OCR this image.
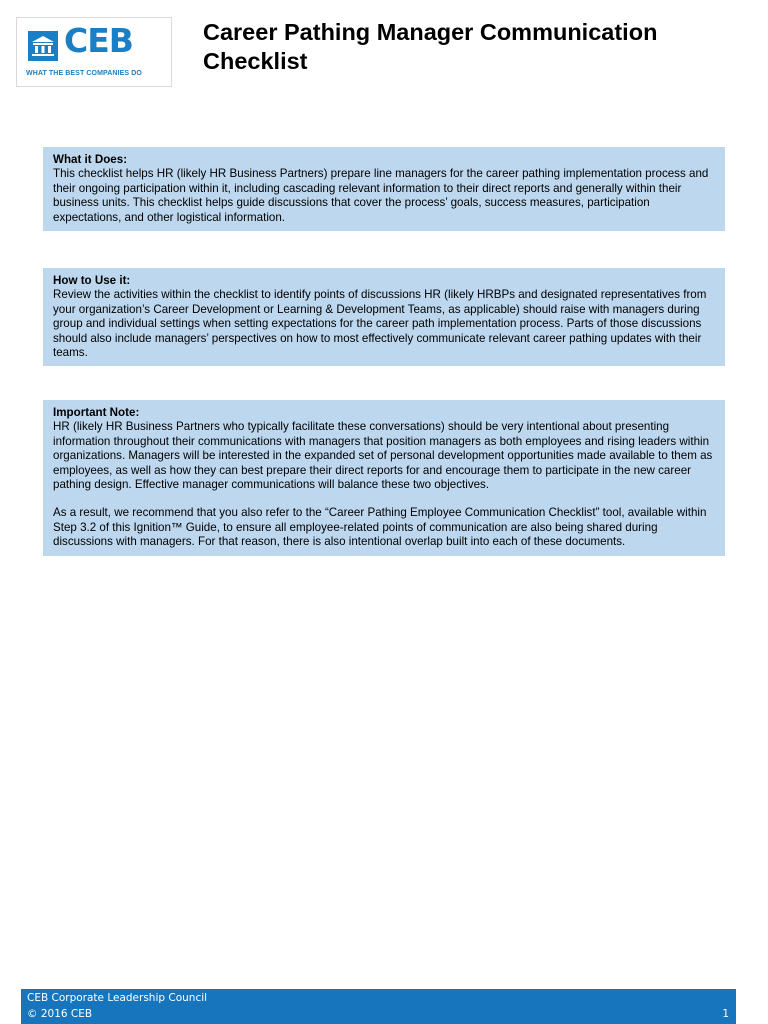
CEB
WHAT THE BEST COMPANIES DO
Career Pathing Manager Communication Checklist
What it Does:

This checklist helps HR (likely HR Business Partners) prepare line managers for the career pathing implementation process and their ongoing participation within it, including cascading relevant information to their direct reports and generally within their business units. This checklist helps guide discussions that cover the process’ goals, success measures, participation expectations, and other logistical information.

How to Use it:

Review the activities within the checklist to identify points of discussions HR (likely HRBPs and designated representatives from your organization’s Career Development or Learning & Development Teams, as applicable) should raise with managers during group and individual settings when setting expectations for the career path implementation process. Parts of those discussions should also include managers’ perspectives on how to most effectively communicate relevant career pathing updates with their teams.

Important Note:

HR (likely HR Business Partners who typically facilitate these conversations) should be very intentional about presenting information throughout their communications with managers that position managers as both employees and rising leaders within organizations. Managers will be interested in the expanded set of personal development opportunities made available to them as employees, as well as how they can best prepare their direct reports for and encourage them to participate in the new career pathing design. Effective manager communications will balance these two objectives.

As a result, we recommend that you also refer to the “Career Pathing Employee Communication Checklist” tool, available within Step 3.2 of this Ignition™ Guide, to ensure all employee-related points of communication are also being shared during discussions with managers. For that reason, there is also intentional overlap built into each of these documents.

CEB Corporate Leadership Council
© 2016 CEB	1
